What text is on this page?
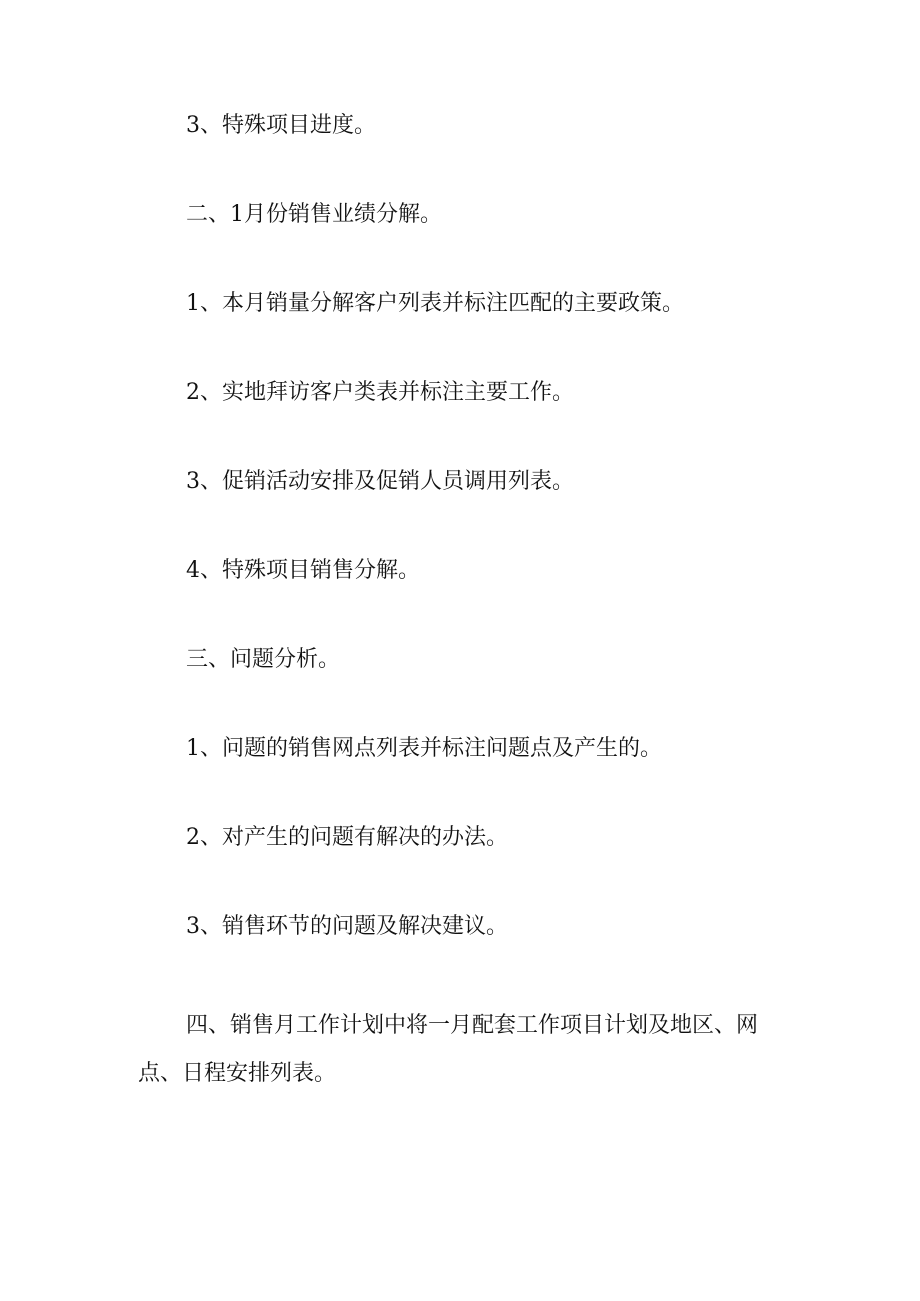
3、特殊项目进度。

二、1月份销售业绩分解。

1、本月销量分解客户列表并标注匹配的主要政策。

2、实地拜访客户类表并标注主要工作。

3、促销活动安排及促销人员调用列表。

4、特殊项目销售分解。

三、问题分析。

1、问题的销售网点列表并标注问题点及产生的。

2、对产生的问题有解决的办法。

3、销售环节的问题及解决建议。

四、销售月工作计划中将一月配套工作项目计划及地区、网点、日程安排列表。
